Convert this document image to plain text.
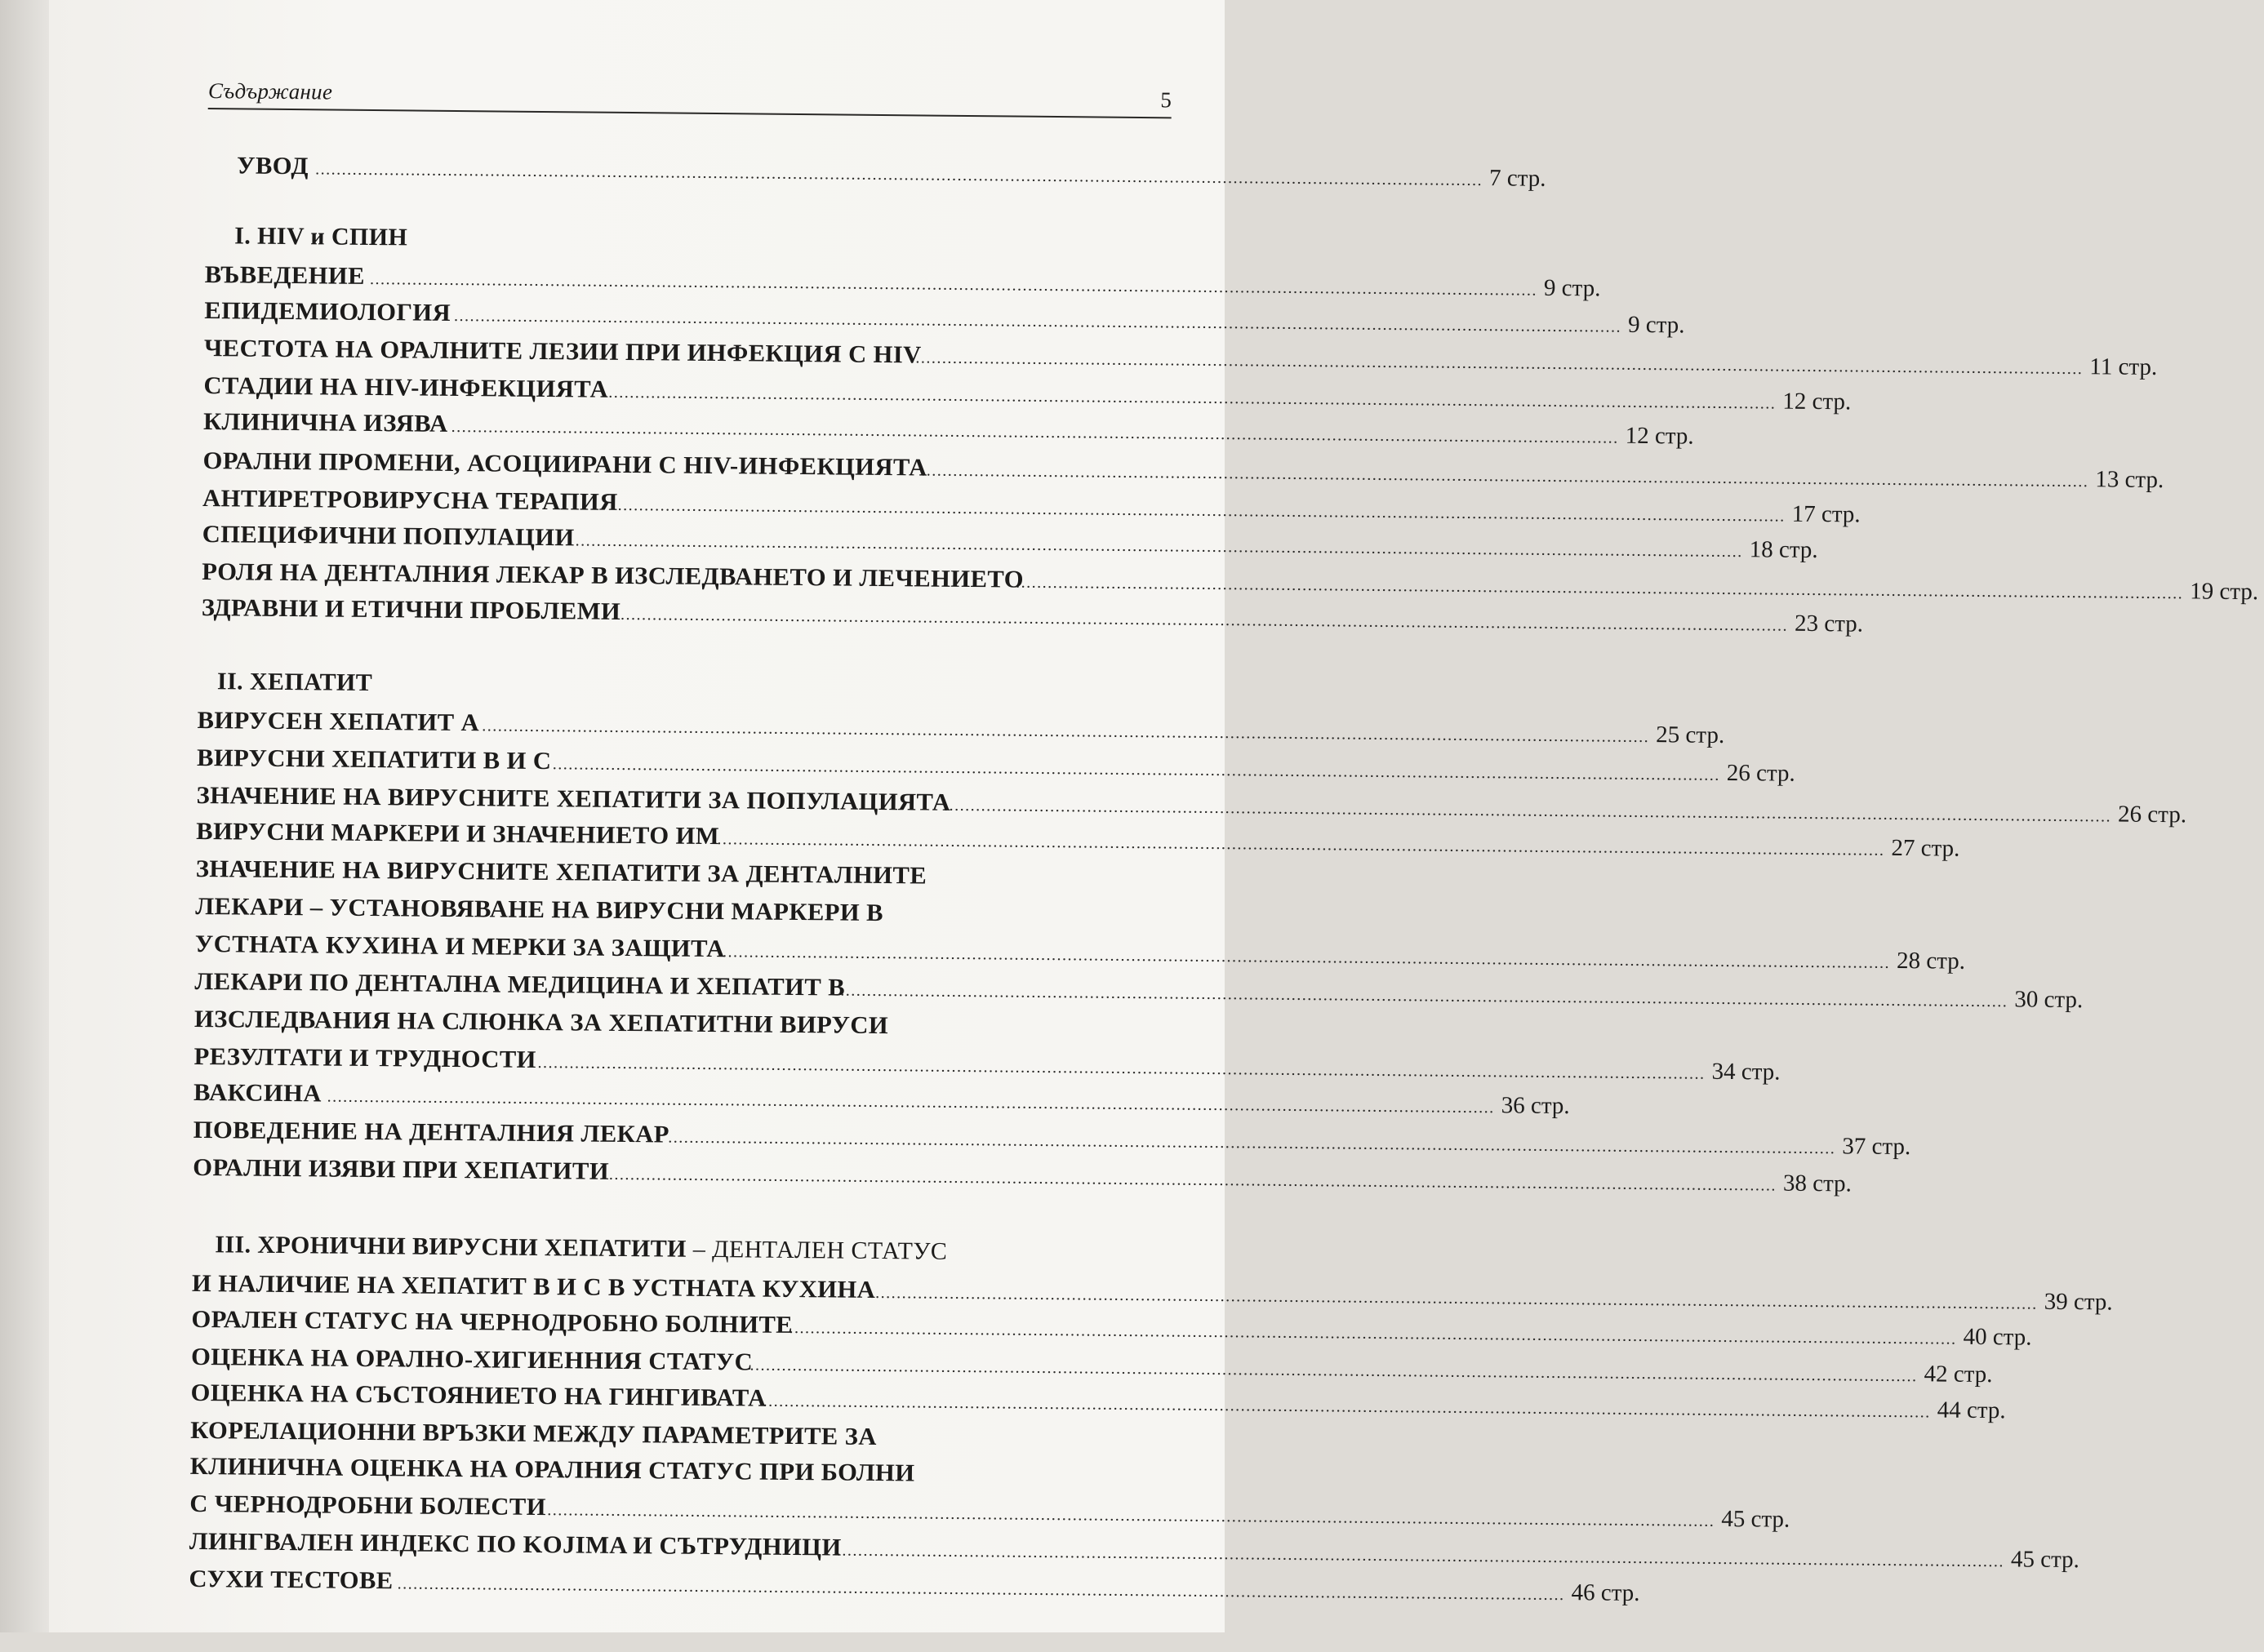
Съдържание	5
УВОД ............................................................................................................................................................................................................................ 7 стр.
I. HIV и СПИН
ВЪВЕДЕНИЕ ............................................................................................................................................................................................................................ 9 стр.
ЕПИДЕМИОЛОГИЯ ............................................................................................................................................................................................................................ 9 стр.
ЧЕСТОТА НА ОРАЛНИТЕ ЛЕЗИИ ПРИ ИНФЕКЦИЯ С HIV
............................................................................................................................................................................................................................ 11 стр.
СТАДИИ НА HIV-ИНФЕКЦИЯТА ............................................................................................................................................................................................................................ 12 стр.
КЛИНИЧНА ИЗЯВА ............................................................................................................................................................................................................................ 12 стр.
ОРАЛНИ ПРОМЕНИ, АСОЦИИРАНИ С HIV-ИНФЕКЦИЯТА
............................................................................................................................................................................................................................ 13 стр.
АНТИРЕТРОВИРУСНА ТЕРАПИЯ ............................................................................................................................................................................................................................ 17 стр.
СПЕЦИФИЧНИ ПОПУЛАЦИИ ............................................................................................................................................................................................................................ 18 стр.
РОЛЯ НА ДЕНТАЛНИЯ ЛЕКАР В ИЗСЛЕДВАНЕТО И ЛЕЧЕНИЕТО
............................................................................................................................................................................................................................ 19 стр.
ЗДРАВНИ И ЕТИЧНИ ПРОБЛЕМИ ............................................................................................................................................................................................................................ 23 стр.
II. ХЕПАТИТ
ВИРУСЕН ХЕПАТИТ А ............................................................................................................................................................................................................................ 25 стр.
ВИРУСНИ ХЕПАТИТИ В И С ............................................................................................................................................................................................................................ 26 стр.
ЗНАЧЕНИЕ НА ВИРУСНИТЕ ХЕПАТИТИ ЗА ПОПУЛАЦИЯТА
............................................................................................................................................................................................................................ 26 стр.
ВИРУСНИ МАРКЕРИ И ЗНАЧЕНИЕТО ИМ
............................................................................................................................................................................................................................ 27 стр.
ЗНАЧЕНИЕ НА ВИРУСНИТЕ ХЕПАТИТИ ЗА ДЕНТАЛНИТЕ
ЛЕКАРИ – УСТАНОВЯВАНЕ НА ВИРУСНИ МАРКЕРИ В
УСТНАТА КУХИНА И МЕРКИ ЗА ЗАЩИТА
............................................................................................................................................................................................................................ 28 стр.
ЛЕКАРИ ПО ДЕНТАЛНА МЕДИЦИНА И ХЕПАТИТ В
............................................................................................................................................................................................................................ 30 стр.
ИЗСЛЕДВАНИЯ НА СЛЮНКА ЗА ХЕПАТИТНИ ВИРУСИ
РЕЗУЛТАТИ И ТРУДНОСТИ ............................................................................................................................................................................................................................ 34 стр.
ВАКСИНА ............................................................................................................................................................................................................................ 36 стр.
ПОВЕДЕНИЕ НА ДЕНТАЛНИЯ ЛЕКАР
............................................................................................................................................................................................................................ 37 стр.
ОРАЛНИ ИЗЯВИ ПРИ ХЕПАТИТИ ............................................................................................................................................................................................................................ 38 стр.
III. ХРОНИЧНИ ВИРУСНИ ХЕПАТИТИ – ДЕНТАЛЕН СТАТУС
И НАЛИЧИЕ НА ХЕПАТИТ В И С В УСТНАТА КУХИНА
............................................................................................................................................................................................................................ 39 стр.
ОРАЛЕН СТАТУС НА ЧЕРНОДРОБНО БОЛНИТЕ
............................................................................................................................................................................................................................ 40 стр.
ОЦЕНКА НА ОРАЛНО-ХИГИЕННИЯ СТАТУС
............................................................................................................................................................................................................................ 42 стр.
ОЦЕНКА НА СЪСТОЯНИЕТО НА ГИНГИВАТА
............................................................................................................................................................................................................................ 44 стр.
КОРЕЛАЦИОННИ ВРЪЗКИ МЕЖДУ ПАРАМЕТРИТЕ ЗА
КЛИНИЧНА ОЦЕНКА НА ОРАЛНИЯ СТАТУС ПРИ БОЛНИ
С ЧЕРНОДРОБНИ БОЛЕСТИ ............................................................................................................................................................................................................................ 45 стр.
ЛИНГВАЛЕН ИНДЕКС ПО KOJIMA И СЪТРУДНИЦИ
............................................................................................................................................................................................................................ 45 стр.
СУХИ ТЕСТОВЕ ............................................................................................................................................................................................................................ 46 стр.
